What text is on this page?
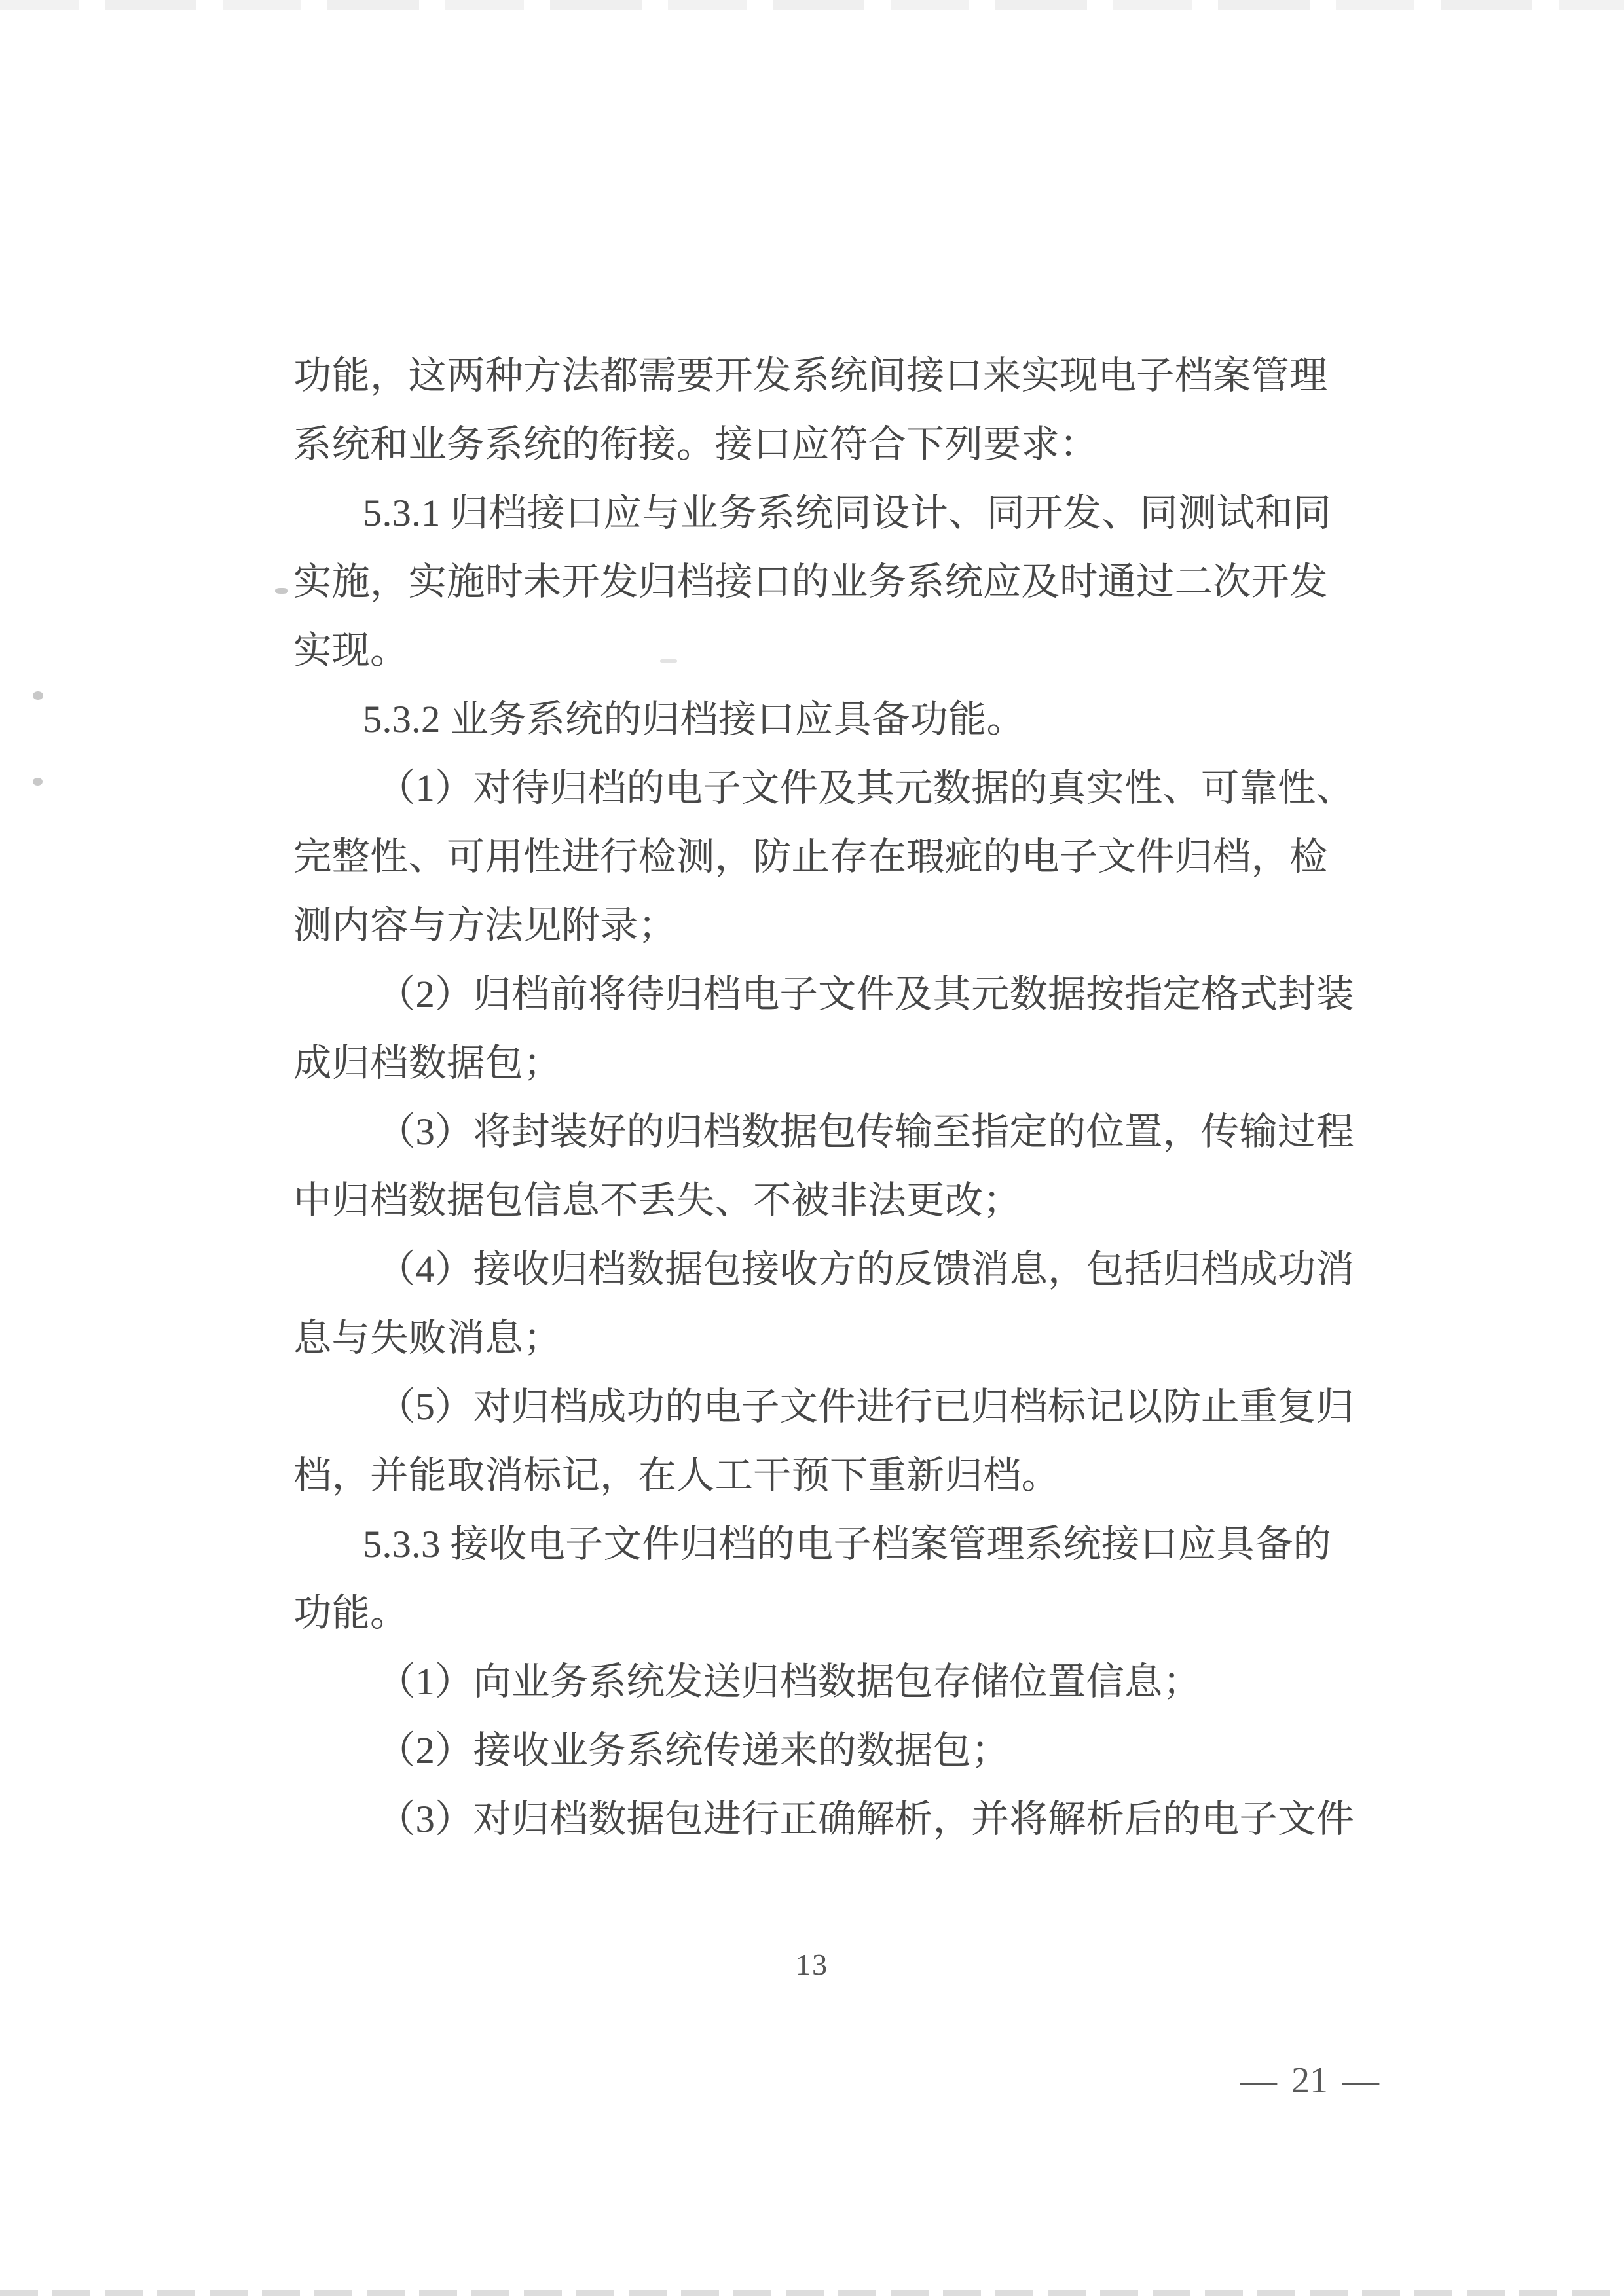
功能，这两种方法都需要开发系统间接口来实现电子档案管理
系统和业务系统的衔接。接口应符合下列要求：
5.3.1 归档接口应与业务系统同设计、同开发、同测试和同
实施，实施时未开发归档接口的业务系统应及时通过二次开发
实现。
5.3.2 业务系统的归档接口应具备功能。
（1）对待归档的电子文件及其元数据的真实性、可靠性、
完整性、可用性进行检测，防止存在瑕疵的电子文件归档，检
测内容与方法见附录；
（2）归档前将待归档电子文件及其元数据按指定格式封装
成归档数据包；
（3）将封装好的归档数据包传输至指定的位置，传输过程
中归档数据包信息不丢失、不被非法更改；
（4）接收归档数据包接收方的反馈消息，包括归档成功消
息与失败消息；
（5）对归档成功的电子文件进行已归档标记以防止重复归
档，并能取消标记，在人工干预下重新归档。
5.3.3 接收电子文件归档的电子档案管理系统接口应具备的
功能。
（1）向业务系统发送归档数据包存储位置信息；
（2）接收业务系统传递来的数据包；
（3）对归档数据包进行正确解析，并将解析后的电子文件
13
— 21 —
